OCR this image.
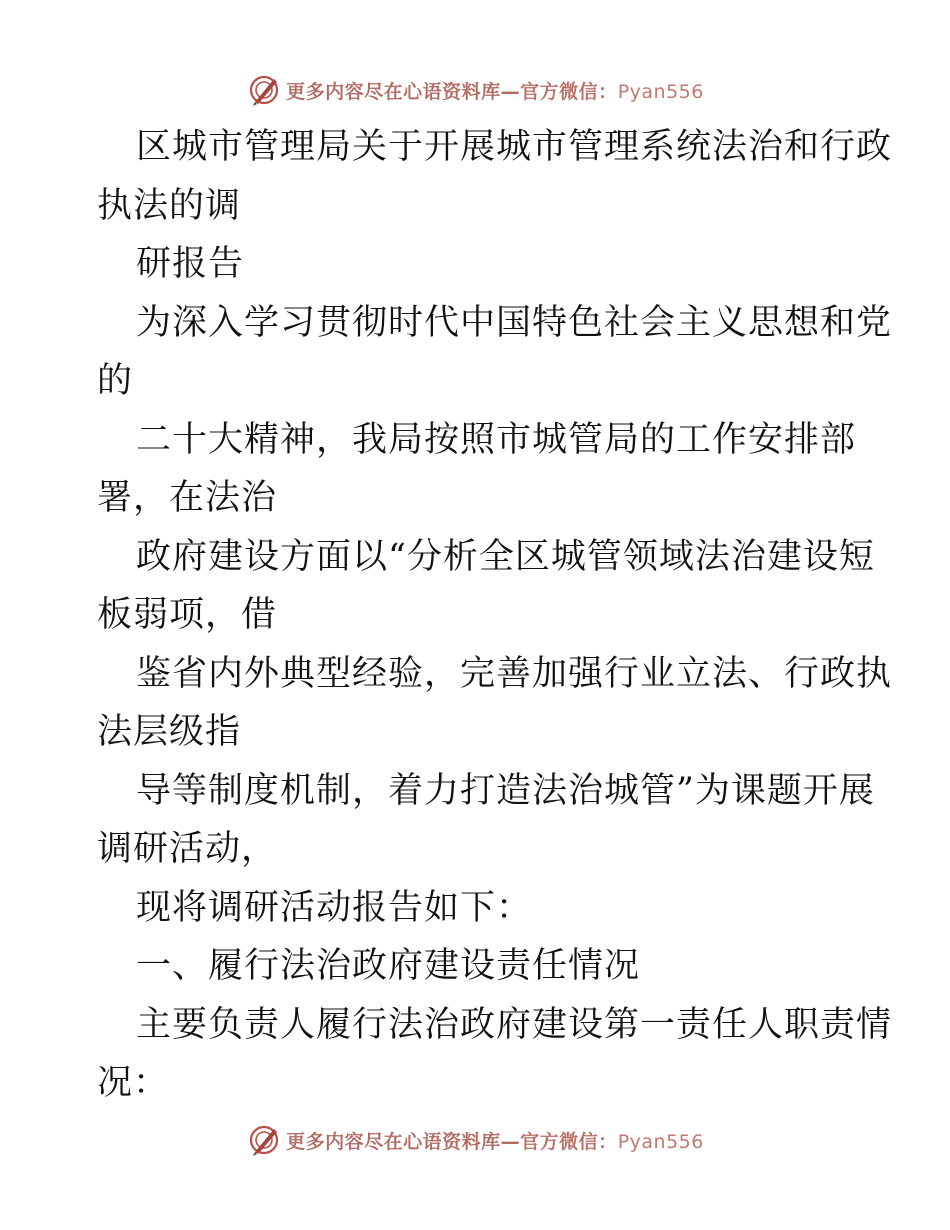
更多内容尽在心语资料库—官方微信：Pyan556
区城市管理局关于开展城市管理系统法治和行政
执法的调
研报告
为深入学习贯彻时代中国特色社会主义思想和党
的
二十大精神，我局按照市城管局的工作安排部
署，在法治
政府建设方面以“分析全区城管领域法治建设短
板弱项，借
鉴省内外典型经验，完善加强行业立法、行政执
法层级指
导等制度机制，着力打造法治城管”为课题开展
调研活动，
现将调研活动报告如下：
一、履行法治政府建设责任情况
主要负责人履行法治政府建设第一责任人职责情
况：
更多内容尽在心语资料库—官方微信：Pyan556
